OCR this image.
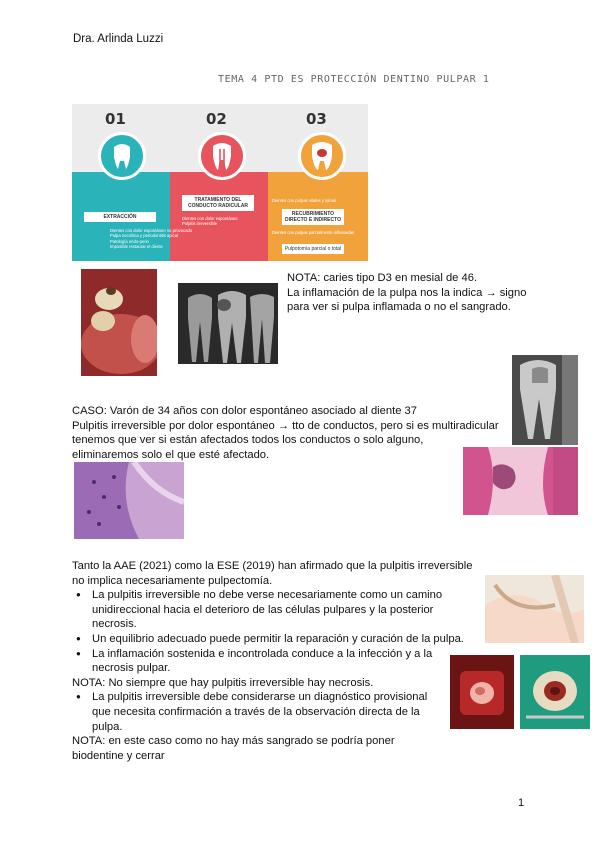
Dra. Arlinda Luzzi
TEMA 4 PTD ES PROTECCIÓN DENTINO PULPAR 1
01	02	03
EXTRACCIÓN
TRATAMIENTO DEL CONDUCTO RADICULAR
RECUBRIMIENTO DIRECTO E INDIRECTO
Pulpotomía parcial o total
Dientes con dolor espontáneo no provocado
Pulpa necrótica y periodontitis apical
Patología endo-perio
Imposible restaurar el diente
Dientes con dolor espontáneo
Pulpitis irreversible
Dientes con pulpas vitales y sanas
Dientes con pulpas parcialmente inflamadas
NOTA: caries tipo D3 en mesial de 46.
La inflamación de la pulpa nos la indica → signo
para ver si pulpa inflamada o no el sangrado.
CASO: Varón de 34 años con dolor espontáneo asociado al diente 37
Pulpitis irreversible por dolor espontáneo → tto de conductos, pero si es multiradicular
tenemos que ver si están afectados todos los conductos o solo alguno,
eliminaremos solo el que esté afectado.
Tanto la AAE (2021) como la ESE (2019) han afirmado que la pulpitis irreversible
no implica necesariamente pulpectomía.
● La pulpitis irreversible no debe verse necesariamente como un camino
unidireccional hacia el deterioro de las células pulpares y la posterior
necrosis.
● Un equilibrio adecuado puede permitir la reparación y curación de la pulpa.
● La inflamación sostenida e incontrolada conduce a la infección y a la
necrosis pulpar.
NOTA: No siempre que hay pulpitis irreversible hay necrosis.
● La pulpitis irreversible debe considerarse un diagnóstico provisional
que necesita confirmación a través de la observación directa de la
pulpa.
NOTA: en este caso como no hay más sangrado se podría poner
biodentine y cerrar
1
